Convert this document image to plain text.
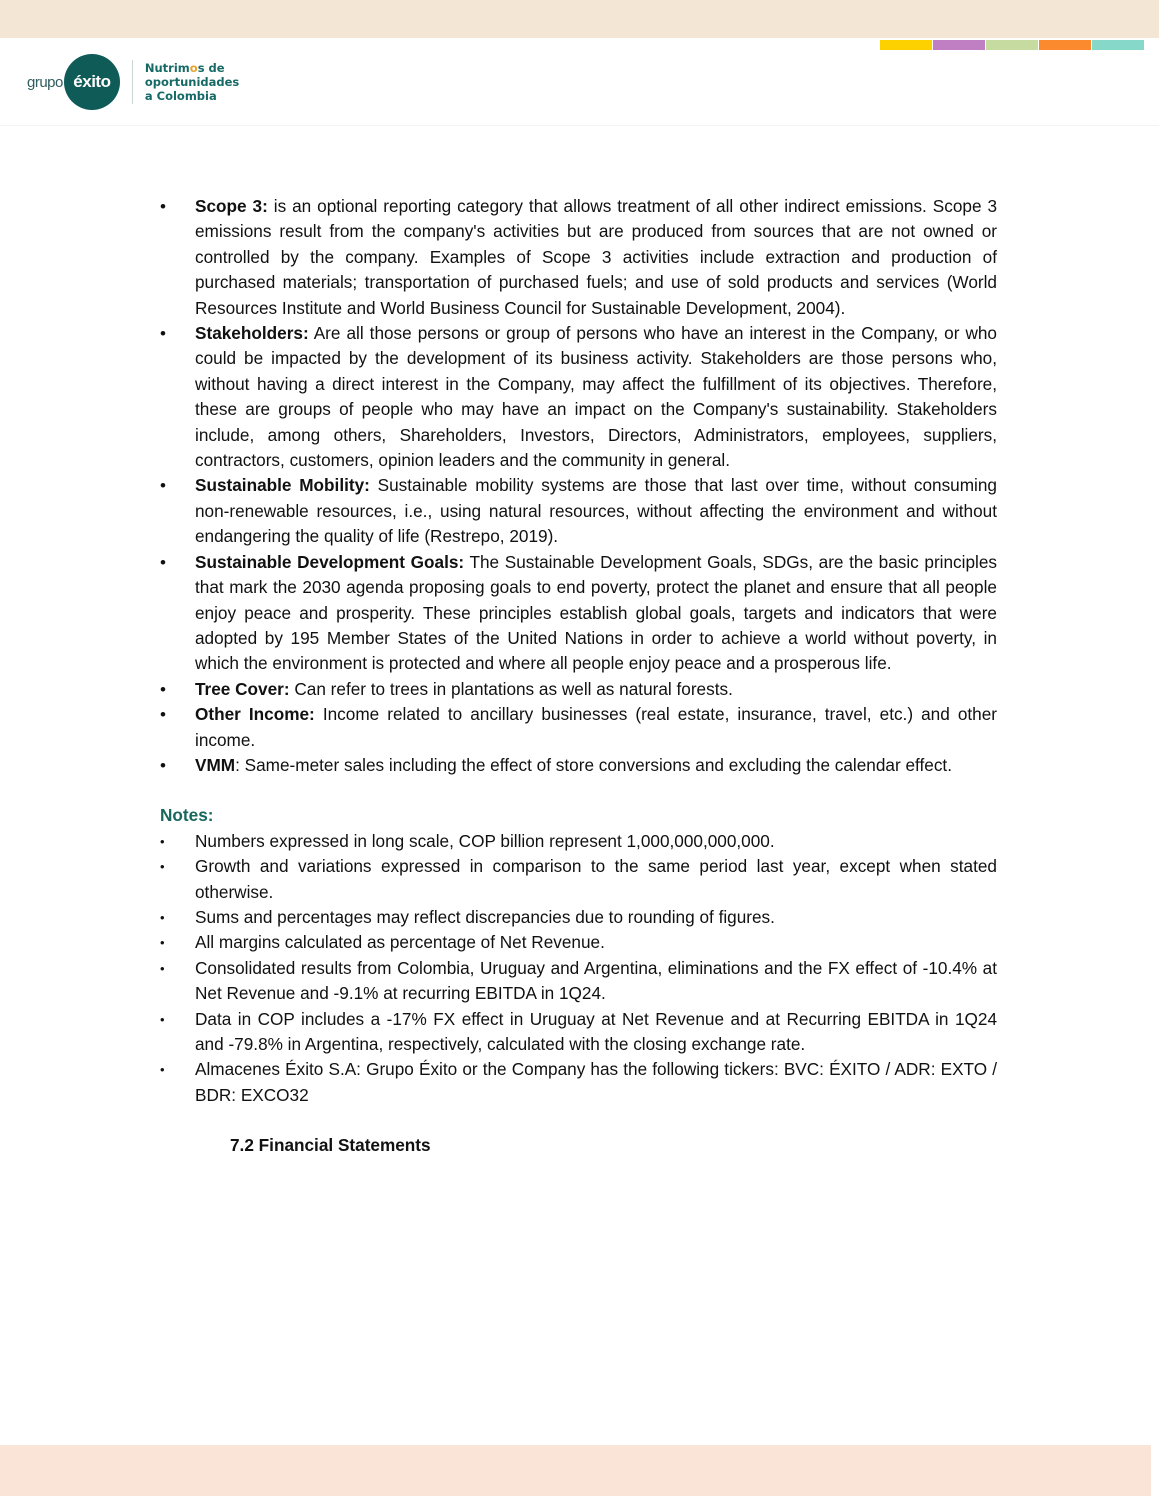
grupo éxito
Nutrimos de
oportunidades
a Colombia
•	Scope 3: is an optional reporting category that allows treatment of all other indirect emissions. Scope 3 emissions result from the company's activities but are produced from sources that are not owned or controlled by the company. Examples of Scope 3 activities include extraction and production of purchased materials; transportation of purchased fuels; and use of sold products and services (World Resources Institute and World Business Council for Sustainable Development, 2004).
•	Stakeholders: Are all those persons or group of persons who have an interest in the Company, or who could be impacted by the development of its business activity. Stakeholders are those persons who, without having a direct interest in the Company, may affect the fulfillment of its objectives. Therefore, these are groups of people who may have an impact on the Company's sustainability. Stakeholders include, among others, Shareholders, Investors, Directors, Administrators, employees, suppliers, contractors, customers, opinion leaders and the community in general.
•	Sustainable Mobility: Sustainable mobility systems are those that last over time, without consuming non-renewable resources, i.e., using natural resources, without affecting the environment and without endangering the quality of life (Restrepo, 2019).
•	Sustainable Development Goals: The Sustainable Development Goals, SDGs, are the basic principles that mark the 2030 agenda proposing goals to end poverty, protect the planet and ensure that all people enjoy peace and prosperity. These principles establish global goals, targets and indicators that were adopted by 195 Member States of the United Nations in order to achieve a world without poverty, in which the environment is protected and where all people enjoy peace and a prosperous life.
•	Tree Cover: Can refer to trees in plantations as well as natural forests.
•	Other Income: Income related to ancillary businesses (real estate, insurance, travel, etc.) and other income.
•	VMM: Same-meter sales including the effect of store conversions and excluding the calendar effect.
Notes:
•	Numbers expressed in long scale, COP billion represent 1,000,000,000,000.
•	Growth and variations expressed in comparison to the same period last year, except when stated otherwise.
•	Sums and percentages may reflect discrepancies due to rounding of figures.
•	All margins calculated as percentage of Net Revenue.
•	Consolidated results from Colombia, Uruguay and Argentina, eliminations and the FX effect of -10.4% at Net Revenue and -9.1% at recurring EBITDA in 1Q24.
•	Data in COP includes a -17% FX effect in Uruguay at Net Revenue and at Recurring EBITDA in 1Q24 and -79.8% in Argentina, respectively, calculated with the closing exchange rate.
•	Almacenes Éxito S.A: Grupo Éxito or the Company has the following tickers: BVC: ÉXITO / ADR: EXTO / BDR: EXCO32
7.2 Financial Statements
